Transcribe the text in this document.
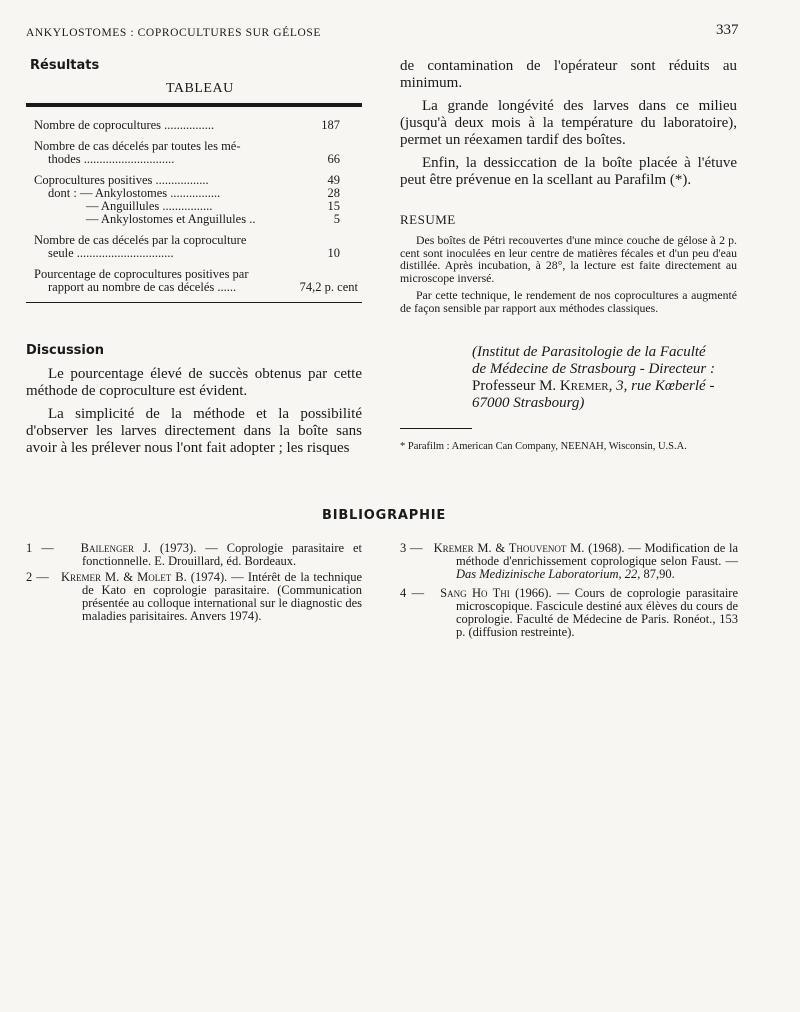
ANKYLOSTOMES : COPROCULTURES SUR GÉLOSE	337
Résultats
TABLEAU
Nombre de coprocultures ................	187
Nombre de cas décelés par toutes les mé-
thodes .............................	66
Coprocultures positives .................	49
dont : — Ankylostomes ................	28
— Anguillules ................	15
— Ankylostomes et Anguillules ..	5
Nombre de cas décelés par la coproculture
seule ...............................	10
Pourcentage de coprocultures positives par
rapport au nombre de cas décelés ......	74,2 p. cent
Discussion

Le pourcentage élevé de succès obtenus par cette méthode de coproculture est évident.

La simplicité de la méthode et la possibilité d'observer les larves directement dans la boîte sans avoir à les prélever nous l'ont fait adopter ; les risques

de contamination de l'opérateur sont réduits au minimum.

La grande longévité des larves dans ce milieu (jusqu'à deux mois à la température du laboratoire), permet un réexamen tardif des boîtes.

Enfin, la dessiccation de la boîte placée à l'étuve peut être prévenue en la scellant au Parafilm (*).

RESUME

Des boîtes de Pétri recouvertes d'une mince couche de gélose à 2 p. cent sont inoculées en leur centre de matières fécales et d'un peu d'eau distillée. Après incubation, à 28°, la lecture est faite directement au microscope inversé.

Par cette technique, le rendement de nos coprocultures a augmenté de façon sensible par rapport aux méthodes classiques.

(Institut de Parasitologie de la Faculté
de Médecine de Strasbourg - Directeur :
Professeur M. Kremer, 3, rue Kœberlé -
67000 Strasbourg)
* Parafilm : American Can Company, NEENAH, Wisconsin, U.S.A.
BIBLIOGRAPHIE
1 — Bailenger J. (1973). — Coprologie parasitaire et fonctionnelle. E. Drouillard, éd. Bordeaux.
2 — Kremer M. & Molet B. (1974). — Intérêt de la technique de Kato en coprologie parasitaire. (Communication présentée au colloque international sur le diagnostic des maladies parisitaires. Anvers 1974).
3 — Kremer M. & Thouvenot M. (1968). — Modification de la méthode d'enrichissement coprologique selon Faust. — Das Medizinische Laboratorium, 22, 87,90.
4 — Sang Ho Thi (1966). — Cours de coprologie parasitaire microscopique. Fascicule destiné aux élèves du cours de coprologie. Faculté de Médecine de Paris. Ronéot., 153 p. (diffusion restreinte).
